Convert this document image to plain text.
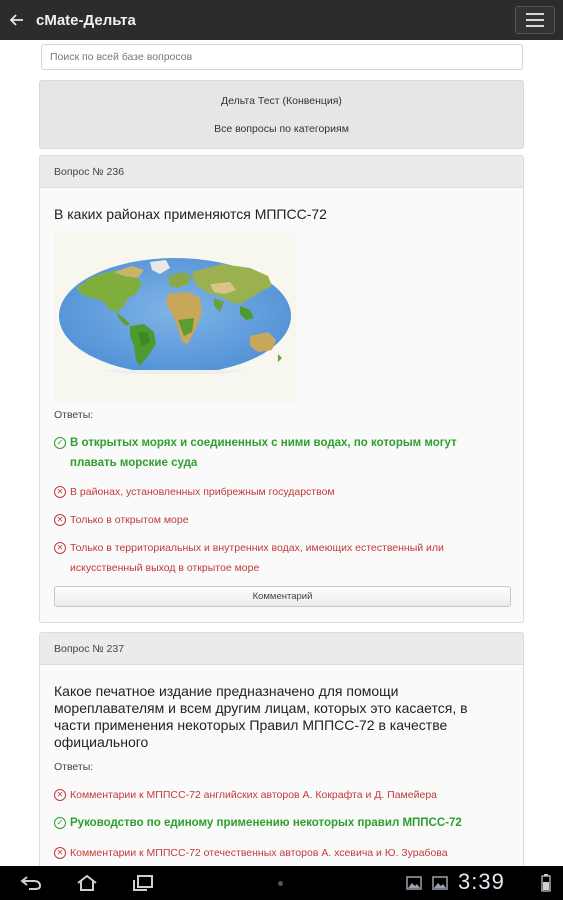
сMate-Дельта
Поиск по всей базе вопросов
Дельта Тест (Конвенция)
Все вопросы по категориям
Вопрос № 236
В каких районах применяются МППСС-72
Ответы:
✓ В открытых морях и соединенных с ними водах, по которым могут плавать морские суда
✕ В районах, установленных прибрежным государством
✕ Только в открытом море
✕ Только в территориальных и внутренних водах, имеющих естественный или искусственный выход в открытое море
Комментарий
Вопрос № 237
Какое печатное издание предназначено для помощи мореплавателям и всем другим лицам, которых это касается, в части применения некоторых Правил МППСС-72 в качестве официального
Ответы:
✕ Комментарии к МППСС-72 английских авторов А. Кокрафта и Д. Памейера
✓ Руководство по единому применению некоторых правил МППСС-72
✕ Комментарии к МППСС-72 отечественных авторов А. хсевича и Ю. Зурабова
3:39
